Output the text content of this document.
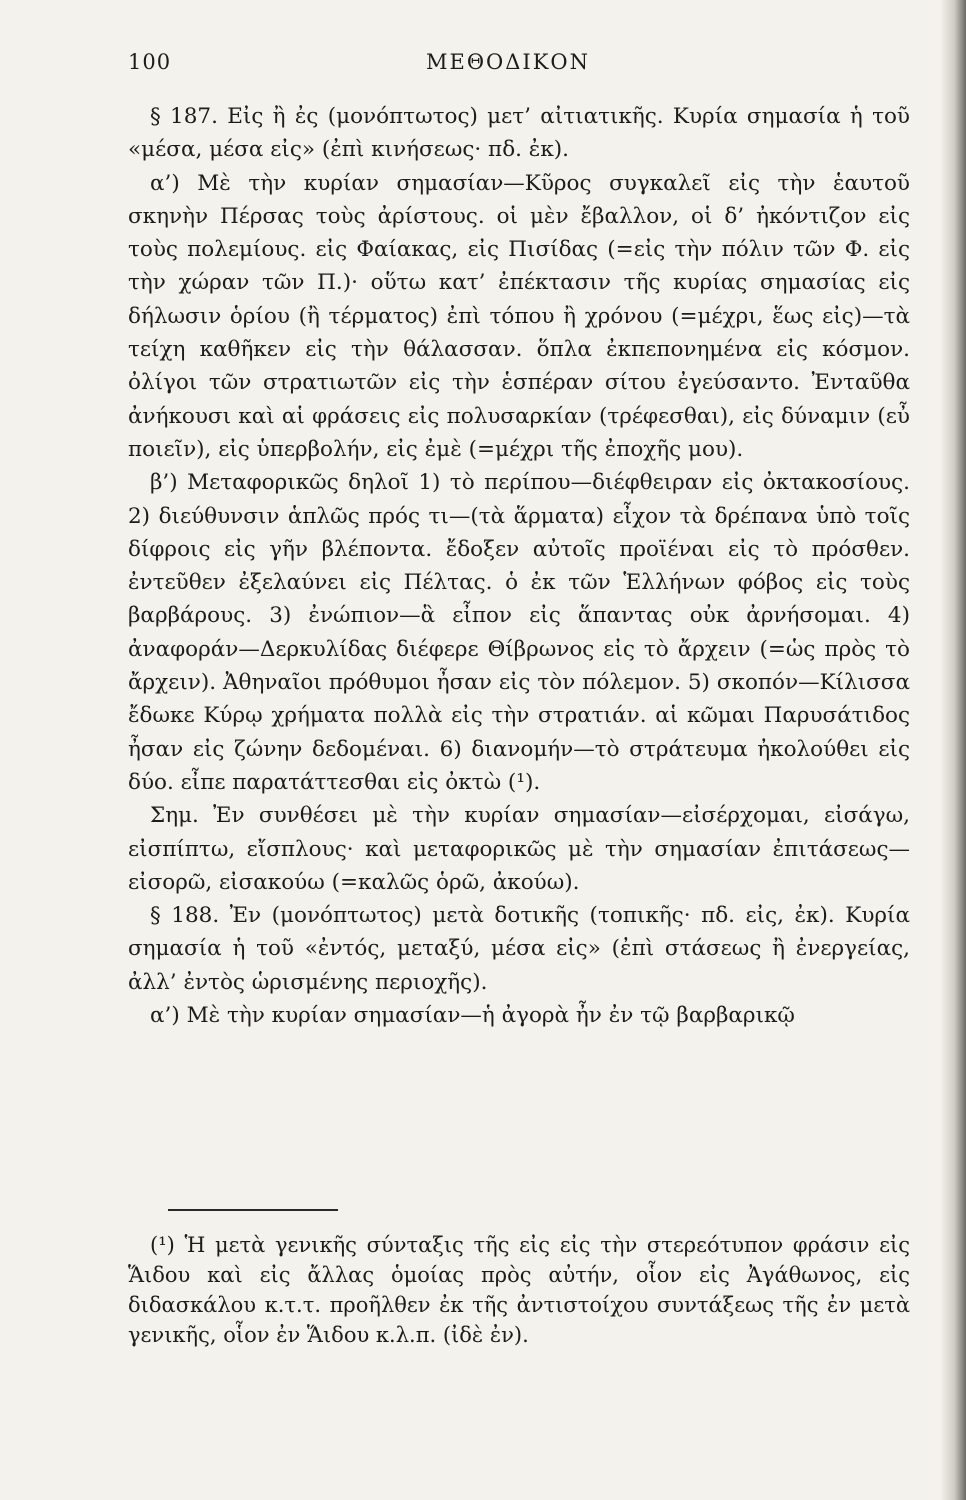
100	ΜΕΘΟΔΙΚΟΝ

§ 187. Εἰς ἢ ἐς (μονόπτωτος) μετ’ αἰτιατικῆς. Κυρία σημασία ἡ τοῦ «μέσα, μέσα εἰς» (ἐπὶ κινήσεως· πδ. ἐκ).

α’) Μὲ τὴν κυρίαν σημασίαν—Κῦρος συγκαλεῖ εἰς τὴν ἑαυτοῦ σκηνὴν Πέρσας τοὺς ἀρίστους. οἱ μὲν ἔβαλλον, οἱ δ’ ἠκόντιζον εἰς τοὺς πολεμίους. εἰς Φαίακας, εἰς Πισίδας (=εἰς τὴν πόλιν τῶν Φ. εἰς τὴν χώραν τῶν Π.)· οὕτω κατ’ ἐπέκτασιν τῆς κυρίας σημασίας εἰς δήλωσιν ὁρίου (ἢ τέρματος) ἐπὶ τόπου ἢ χρόνου (=μέχρι, ἕως εἰς)—τὰ τείχη καθῆκεν εἰς τὴν θάλασσαν. ὅπλα ἐκπεπονημένα εἰς κόσμον. ὀλίγοι τῶν στρατιωτῶν εἰς τὴν ἑσπέραν σίτου ἐγεύσαντο. Ἐνταῦθα ἀνήκουσι καὶ αἱ φράσεις εἰς πολυσαρκίαν (τρέφεσθαι), εἰς δύναμιν (εὖ ποιεῖν), εἰς ὑπερβολήν, εἰς ἐμὲ (=μέχρι τῆς ἐποχῆς μου).

β’) Μεταφορικῶς δηλοῖ 1) τὸ περίπου—διέφθειραν εἰς ὀκτακοσίους. 2) διεύθυνσιν ἁπλῶς πρός τι—(τὰ ἅρματα) εἶχον τὰ δρέπανα ὑπὸ τοῖς δίφροις εἰς γῆν βλέποντα. ἔδοξεν αὐτοῖς προϊέναι εἰς τὸ πρόσθεν. ἐντεῦθεν ἐξελαύνει εἰς Πέλτας. ὁ ἐκ τῶν Ἑλλήνων φόβος εἰς τοὺς βαρβάρους. 3) ἐνώπιον—ἃ εἶπον εἰς ἅπαντας οὐκ ἀρνήσομαι. 4) ἀναφοράν—Δερκυλίδας διέφερε Θίβρωνος εἰς τὸ ἄρχειν (=ὡς πρὸς τὸ ἄρχειν). Ἀθηναῖοι πρόθυμοι ἦσαν εἰς τὸν πόλεμον. 5) σκοπόν—Κίλισσα ἔδωκε Κύρῳ χρήματα πολλὰ εἰς τὴν στρατιάν. αἱ κῶμαι Παρυσάτιδος ἦσαν εἰς ζώνην δεδομέναι. 6) διανομήν—τὸ στράτευμα ἠκολούθει εἰς δύο. εἶπε παρατάττεσθαι εἰς ὀκτὼ (¹).

Σημ. Ἐν συνθέσει μὲ τὴν κυρίαν σημασίαν—εἰσέρχομαι, εἰσάγω, εἰσπίπτω, εἴσπλους· καὶ μεταφορικῶς μὲ τὴν σημασίαν ἐπιτάσεως—εἰσορῶ, εἰσακούω (=καλῶς ὁρῶ, ἀκούω).

§ 188. Ἐν (μονόπτωτος) μετὰ δοτικῆς (τοπικῆς· πδ. εἰς, ἐκ). Κυρία σημασία ἡ τοῦ «ἐντός, μεταξύ, μέσα εἰς» (ἐπὶ στάσεως ἢ ἐνεργείας, ἀλλ’ ἐντὸς ὡρισμένης περιοχῆς).

α’) Μὲ τὴν κυρίαν σημασίαν—ἡ ἀγορὰ ἦν ἐν τῷ βαρβαρικῷ

(¹) Ἡ μετὰ γενικῆς σύνταξις τῆς εἰς εἰς τὴν στερεότυπον φράσιν εἰς Ἅιδου καὶ εἰς ἄλλας ὁμοίας πρὸς αὐτήν, οἷον εἰς Ἀγάθωνος, εἰς διδασκάλου κ.τ.τ. προῆλθεν ἐκ τῆς ἀντιστοίχου συντάξεως τῆς ἐν μετὰ γενικῆς, οἷον ἐν Ἅιδου κ.λ.π. (ἰδὲ ἐν).
